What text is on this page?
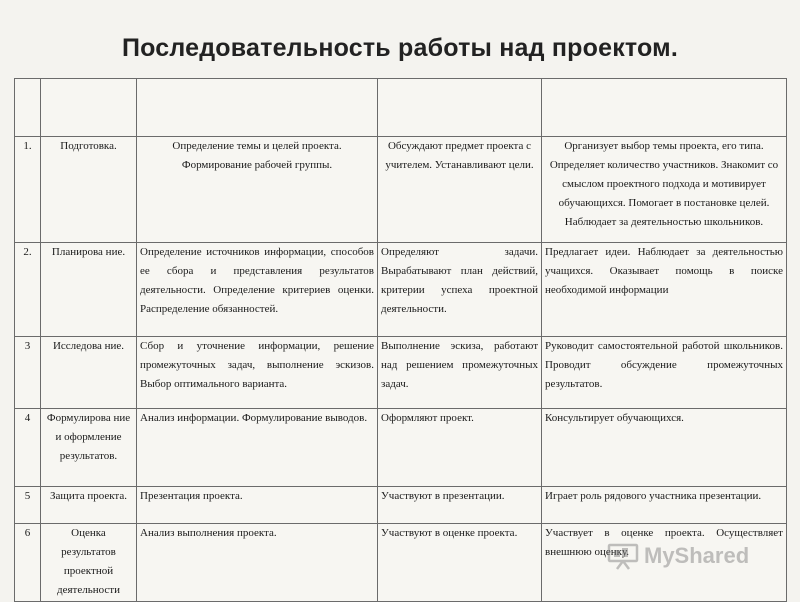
Последовательность работы над проектом.

1.	Подготовка.	Определение темы и целей проекта. Формирование рабочей группы.	Обсуждают предмет проекта с учителем. Устанавливают цели.	Организует выбор темы проекта, его типа. Определяет количество участников. Знакомит со смыслом проектного подхода и мотивирует обучающихся. Помогает в постановке целей. Наблюдает за деятельностью школьников.
2.	Планирова ние.	Определение источников информации, способов ее сбора и представления результатов деятельности. Определение критериев оценки. Распределение обязанностей.	Определяют задачи. Вырабатывают план действий, критерии успеха проектной деятельности.	Предлагает идеи. Наблюдает за деятельностью учащихся. Оказывает помощь в поиске необходимой информации
3	Исследова ние.	Сбор и уточнение информации, решение промежуточных задач, выполнение эскизов. Выбор оптимального варианта.	Выполнение эскиза, работают над решением промежуточных задач.	Руководит самостоятельной работой школьников. Проводит обсуждение промежуточных результатов.
4	Формулирова ние и оформление результатов.	Анализ информации. Формулирование выводов.	Оформляют проект.	Консультирует обучающихся.
5	Защита проекта.	Презентация проекта.	Участвуют в презентации.	Играет роль рядового участника презентации.
6	Оценка результатов проектной деятельности	Анализ выполнения проекта.	Участвуют в оценке проекта.	Участвует в оценке проекта. Осуществляет внешнюю оценку. MyShared
